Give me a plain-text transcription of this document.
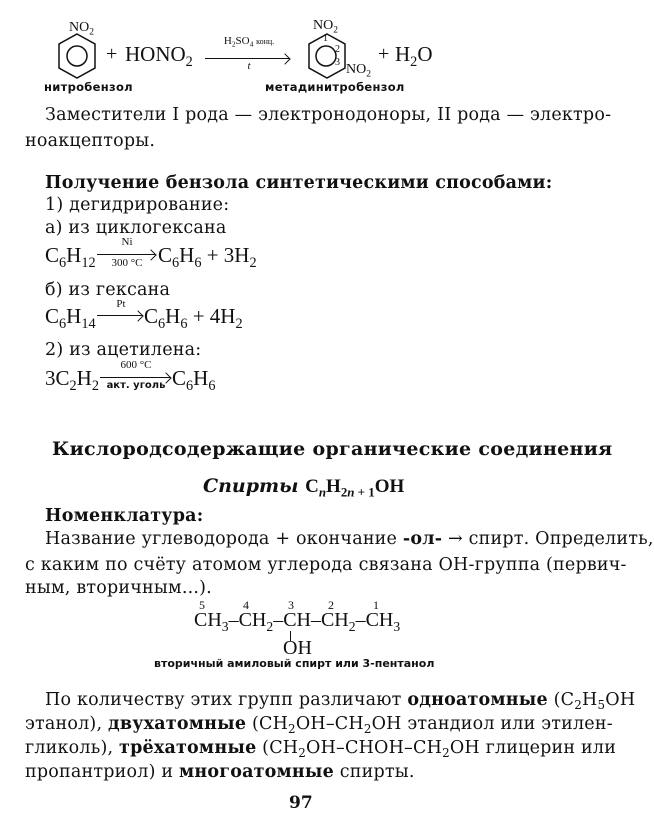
$NO_2$
нитробензол
+ $HONO_2$
$H_2SO_4$ конц.
t
$NO_2$
1
2
3 $NO_2$
метадинитробензол
+ $H_2O$
Заместители I рода — электронодоноры, II рода — электро-
ноакцепторы.
Получение бензола синтетическими способами:
1) дегидрирование:
а) из циклогексана
$C_6H_{12}$
Ni
300 °C $C_6H_6 + 3H_2$
б) из гексана
$C_6H_{14}$
Pt $C_6H_6 + 4H_2$
2) из ацетилена:
$3C_2H_2$
600 °C
акт. уголь $C_6H_6$
Кислородсодержащие органические соединения
Спирты $C_nH_{2n + 1}OH$
Номенклатура:
Название углеводорода + окончание -ол- → спирт. Определить,
с каким по счёту атомом углерода связана ОН-группа (первич-
ным, вторичным...).
5	4	3	2	1
$CH_3-CH_2-CH-CH_2-CH_3$
OH
вторичный амиловый спирт или 3-пентанол
По количеству этих групп различают одноатомные ($C_2H_5OH$
этанол), двухатомные ($CH_2OH-CH_2OH$ этандиол или этилен-
гликоль), трёхатомные ($CH_2OH-CHOH-CH_2OH$ глицерин или
пропантриол) и многоатомные спирты.
97
